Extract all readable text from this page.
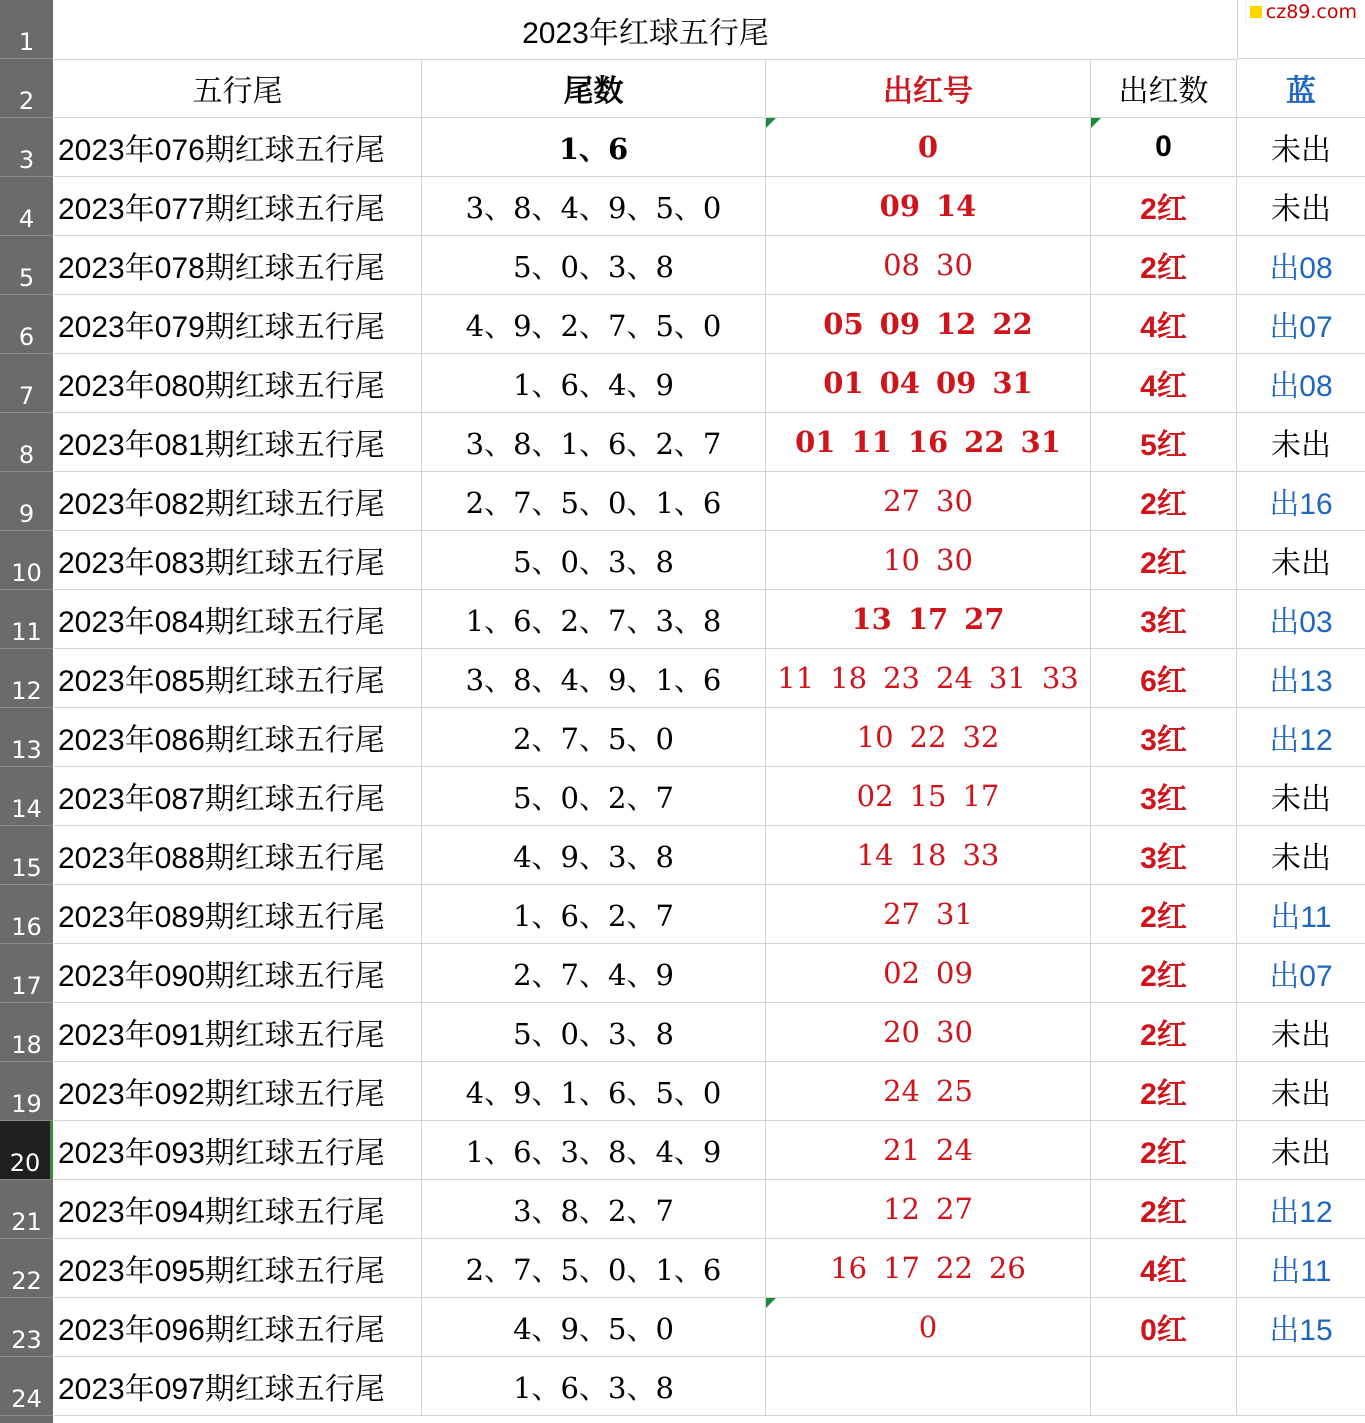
1
2
3
4
5
6
7
8
9
10
11
12
13
14
15
16
17
18
19
20
21
22
23
24
2023年红球五行尾
cz89.com
五行尾	尾数	出红号	出红数	蓝
2023年076期红球五行尾	1、6	0	0	未出
2023年077期红球五行尾	3、8、4、9、5、0	09 14	2红	未出
2023年078期红球五行尾	5、0、3、8	08 30	2红	出08
2023年079期红球五行尾	4、9、2、7、5、0	05 09 12 22	4红	出07
2023年080期红球五行尾	1、6、4、9	01 04 09 31	4红	出08
2023年081期红球五行尾	3、8、1、6、2、7	01 11 16 22 31	5红	未出
2023年082期红球五行尾	2、7、5、0、1、6	27 30	2红	出16
2023年083期红球五行尾	5、0、3、8	10 30	2红	未出
2023年084期红球五行尾	1、6、2、7、3、8	13 17 27	3红	出03
2023年085期红球五行尾	3、8、4、9、1、6	11 18 23 24 31 33	6红	出13
2023年086期红球五行尾	2、7、5、0	10 22 32	3红	出12
2023年087期红球五行尾	5、0、2、7	02 15 17	3红	未出
2023年088期红球五行尾	4、9、3、8	14 18 33	3红	未出
2023年089期红球五行尾	1、6、2、7	27 31	2红	出11
2023年090期红球五行尾	2、7、4、9	02 09	2红	出07
2023年091期红球五行尾	5、0、3、8	20 30	2红	未出
2023年092期红球五行尾	4、9、1、6、5、0	24 25	2红	未出
2023年093期红球五行尾	1、6、3、8、4、9	21 24	2红	未出
2023年094期红球五行尾	3、8、2、7	12 27	2红	出12
2023年095期红球五行尾	2、7、5、0、1、6	16 17 22 26	4红	出11
2023年096期红球五行尾	4、9、5、0	0	0红	出15
2023年097期红球五行尾	1、6、3、8
